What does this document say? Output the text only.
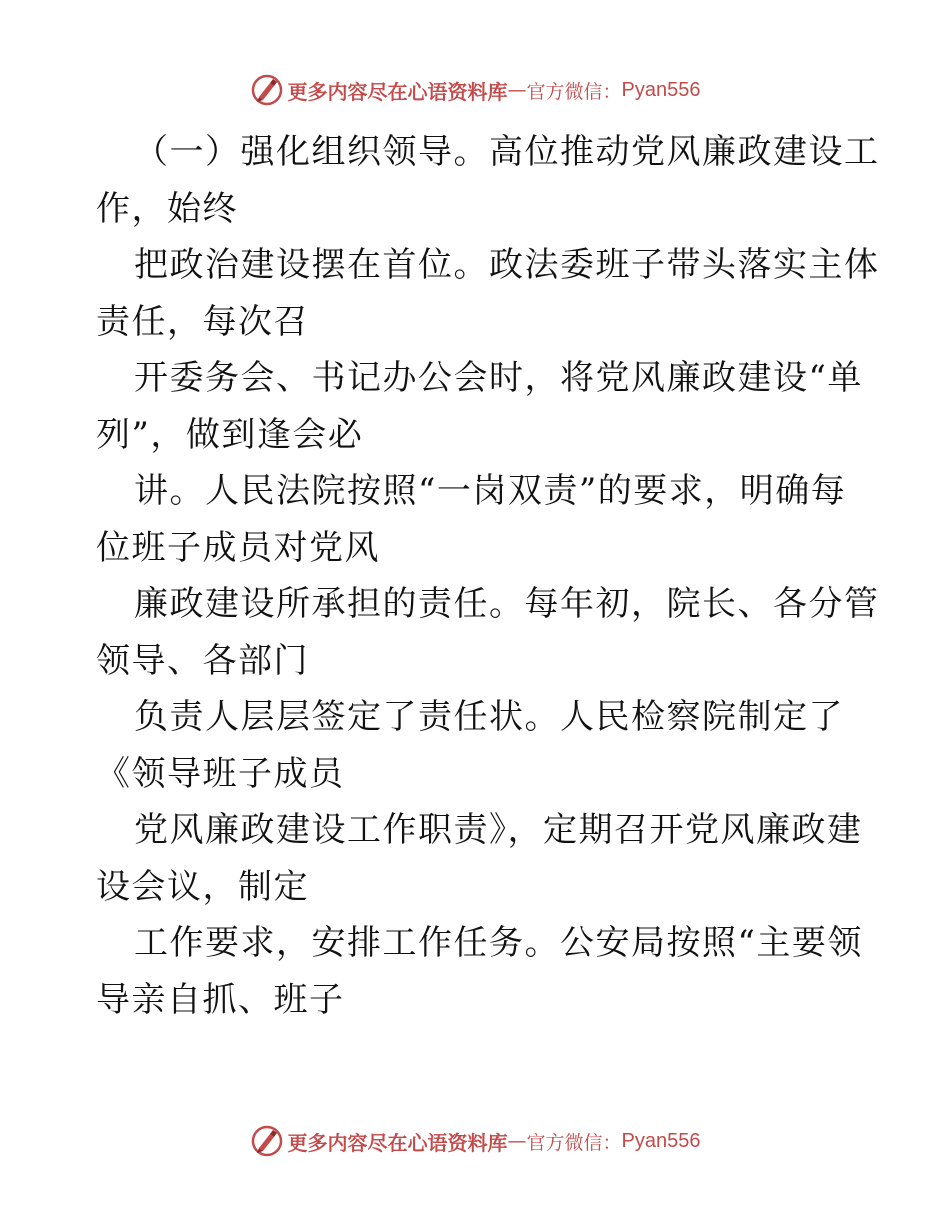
更多内容尽在心语资料库 — 官方微信： Pyan556
（一）强化组织领导。高位推动党风廉政建设工
作，始终
把政治建设摆在首位。政法委班子带头落实主体
责任，每次召
开委务会、书记办公会时，将党风廉政建设“单
列”，做到逢会必
讲。人民法院按照“一岗双责”的要求，明确每
位班子成员对党风
廉政建设所承担的责任。每年初，院长、各分管
领导、各部门
负责人层层签定了责任状。人民检察院制定了
《领导班子成员
党风廉政建设工作职责》，定期召开党风廉政建
设会议，制定
工作要求，安排工作任务。公安局按照“主要领
导亲自抓、班子
更多内容尽在心语资料库 — 官方微信： Pyan556
